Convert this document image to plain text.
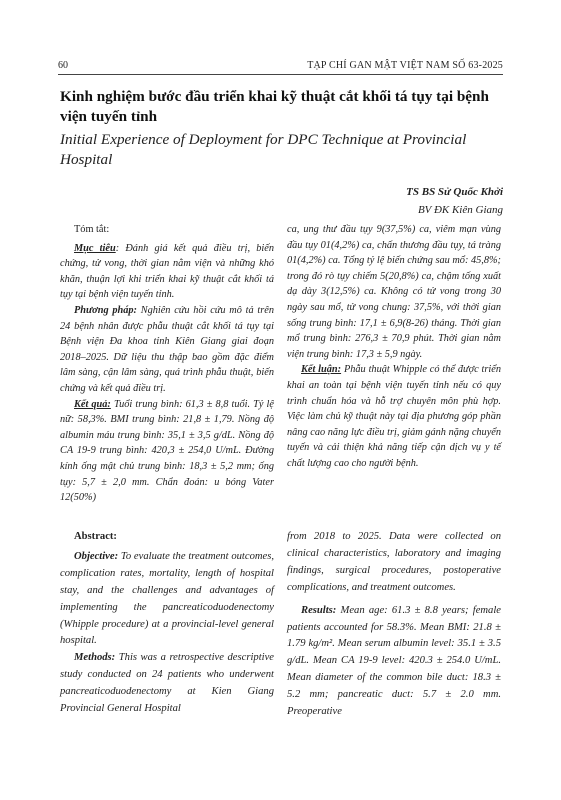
60	TẠP CHÍ GAN MẬT VIỆT NAM SỐ 63-2025
Kinh nghiệm bước đầu triển khai kỹ thuật cắt khối tá tụy tại bệnh viện tuyến tỉnh
Initial Experience of Deployment for DPC Technique at Provincial Hospital
TS BS Sử Quốc Khởi
BV ĐK Kiên Giang

Tóm tắt:

Mục tiêu: Đánh giá kết quả điều trị, biến chứng, tử vong, thời gian nằm viện và những khó khăn, thuận lợi khi triển khai kỹ thuật cắt khối tá tụy tại bệnh viện tuyến tỉnh.

Phương pháp: Nghiên cứu hồi cứu mô tả trên 24 bệnh nhân được phẫu thuật cắt khối tá tụy tại Bệnh viện Đa khoa tỉnh Kiên Giang giai đoạn 2018–2025. Dữ liệu thu thập bao gồm đặc điểm lâm sàng, cận lâm sàng, quá trình phẫu thuật, biến chứng và kết quả điều trị.

Kết quả: Tuổi trung bình: 61,3 ± 8,8 tuổi. Tỷ lệ nữ: 58,3%. BMI trung bình: 21,8 ± 1,79. Nồng độ albumin máu trung bình: 35,1 ± 3,5 g/dL. Nồng độ CA 19-9 trung bình: 420,3 ± 254,0 U/mL. Đường kính ống mật chủ trung bình: 18,3 ± 5,2 mm; ống tụy: 5,7 ± 2,0 mm. Chẩn đoán: u bóng Vater 12(50%)

ca, ung thư đầu tụy 9(37,5%) ca, viêm mạn vùng đầu tụy 01(4,2%) ca, chấn thương đầu tụy, tá tràng 01(4,2%) ca. Tổng tỷ lệ biến chứng sau mổ: 45,8%; trong đó rò tụy chiếm 5(20,8%) ca, chậm tống xuất dạ dày 3(12,5%) ca. Không có tử vong trong 30 ngày sau mổ, tử vong chung: 37,5%, với thời gian sống trung bình: 17,1 ± 6,9(8-26) tháng. Thời gian mổ trung bình: 276,3 ± 70,9 phút. Thời gian nằm viện trung bình: 17,3 ± 5,9 ngày.

Kết luận: Phẫu thuật Whipple có thể được triển khai an toàn tại bệnh viện tuyến tỉnh nếu có quy trình chuẩn hóa và hỗ trợ chuyên môn phù hợp. Việc làm chủ kỹ thuật này tại địa phương góp phần nâng cao năng lực điều trị, giảm gánh nặng chuyển tuyến và cải thiện khả năng tiếp cận dịch vụ y tế chất lượng cao cho người bệnh.

Abstract:

Objective: To evaluate the treatment outcomes, complication rates, mortality, length of hospital stay, and the challenges and advantages of implementing the pancreaticoduodenectomy (Whipple procedure) at a provincial-level general hospital.

Methods: This was a retrospective descriptive study conducted on 24 patients who underwent pancreaticoduodenectomy at Kien Giang Provincial General Hospital

from 2018 to 2025. Data were collected on clinical characteristics, laboratory and imaging findings, surgical procedures, postoperative complications, and treatment outcomes.

Results: Mean age: 61.3 ± 8.8 years; female patients accounted for 58.3%. Mean BMI: 21.8 ± 1.79 kg/m². Mean serum albumin level: 35.1 ± 3.5 g/dL. Mean CA 19-9 level: 420.3 ± 254.0 U/mL. Mean diameter of the common bile duct: 18.3 ± 5.2 mm; pancreatic duct: 5.7 ± 2.0 mm. Preoperative
